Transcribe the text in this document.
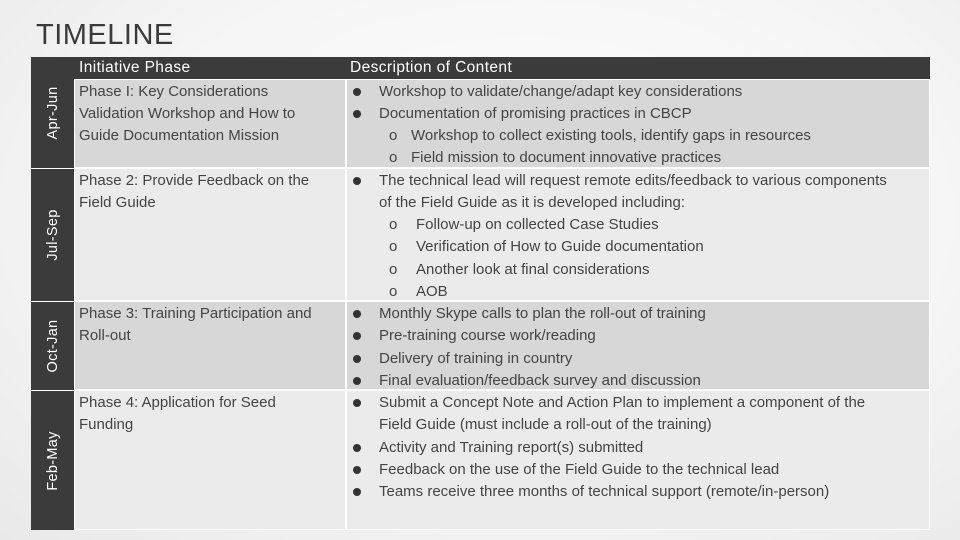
TIMELINE
Initiative Phase	Description of Content
Apr-Jun
Jul-Sep
Oct-Jan
Feb-May
Phase I: Key Considerations
Validation Workshop and How to
Guide Documentation Mission
Phase 2: Provide Feedback on the
Field Guide
Phase 3: Training Participation and
Roll-out
Phase 4: Application for Seed
Funding
Workshop to validate/change/adapt key considerations
Documentation of promising practices in CBCP
o Workshop to collect existing tools, identify gaps in resources
o Field mission to document innovative practices
The technical lead will request remote edits/feedback to various components
of the Field Guide as it is developed including:
o Follow-up on collected Case Studies
o Verification of How to Guide documentation
o Another look at final considerations
o AOB
Monthly Skype calls to plan the roll-out of training
Pre-training course work/reading
Delivery of training in country
Final evaluation/feedback survey and discussion
Submit a Concept Note and Action Plan to implement a component of the
Field Guide (must include a roll-out of the training)
Activity and Training report(s) submitted
Feedback on the use of the Field Guide to the technical lead
Teams receive three months of technical support (remote/in-person)
